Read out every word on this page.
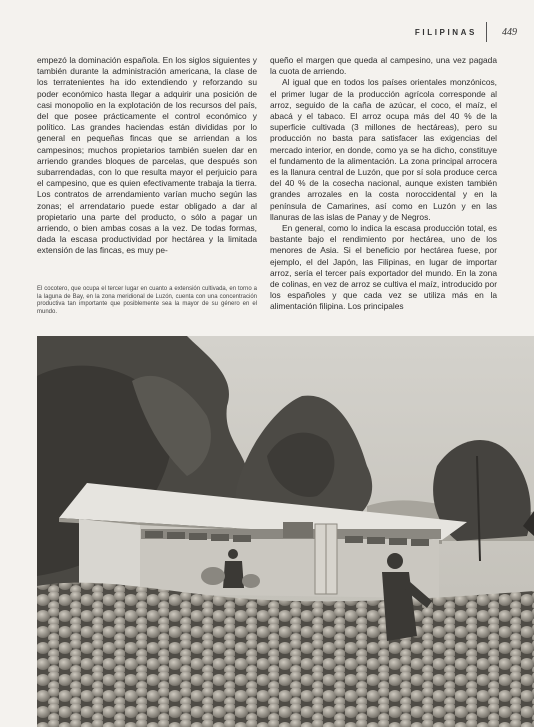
FILIPINAS	449

empezó la dominación española. En los siglos siguientes y también durante la administración americana, la clase de los terratenientes ha ido extendiendo y reforzando su poder económico hasta llegar a adquirir una posición de casi monopolio en la explotación de los recursos del país, del que posee prácticamente el control económico y político. Las grandes haciendas están divididas por lo general en pequeñas fincas que se arriendan a los campesinos; muchos propietarios también suelen dar en arriendo grandes bloques de parcelas, que después son subarrendadas, con lo que resulta mayor el perjuicio para el campesino, que es quien efectivamente trabaja la tierra. Los contratos de arrendamiento varían mucho según las zonas; el arrendatario puede estar obligado a dar al propietario una parte del producto, o sólo a pagar un arriendo, o bien ambas cosas a la vez. De todas formas, dada la escasa productividad por hectárea y la limitada extensión de las fincas, es muy pe-

queño el margen que queda al campesino, una vez pagada la cuota de arriendo.

Al igual que en todos los países orientales monzónicos, el primer lugar de la producción agrícola corresponde al arroz, seguido de la caña de azúcar, el coco, el maíz, el abacá y el tabaco. El arroz ocupa más del 40 % de la superficie cultivada (3 millones de hectáreas), pero su producción no basta para satisfacer las exigencias del mercado interior, en donde, como ya se ha dicho, constituye el fundamento de la alimentación. La zona principal arrocera es la llanura central de Luzón, que por sí sola produce cerca del 40 % de la cosecha nacional, aunque existen también grandes arrozales en la costa noroccidental y en la península de Camarines, así como en Luzón y en las llanuras de las islas de Panay y de Negros.

En general, como lo indica la escasa producción total, es bastante bajo el rendimiento por hectárea, uno de los menores de Asia. Si el beneficio por hectárea fuese, por ejemplo, el del Japón, las Filipinas, en lugar de importar arroz, sería el tercer país exportador del mundo. En la zona de colinas, en vez de arroz se cultiva el maíz, introducido por los españoles y que cada vez se utiliza más en la alimentación filipina. Los principales

El cocotero, que ocupa el tercer lugar en cuanto a extensión cultivada, en torno a la laguna de Bay, en la zona meridional de Luzón, cuenta con una concentración productiva tan importante que posiblemente sea la mayor de su género en el mundo.
